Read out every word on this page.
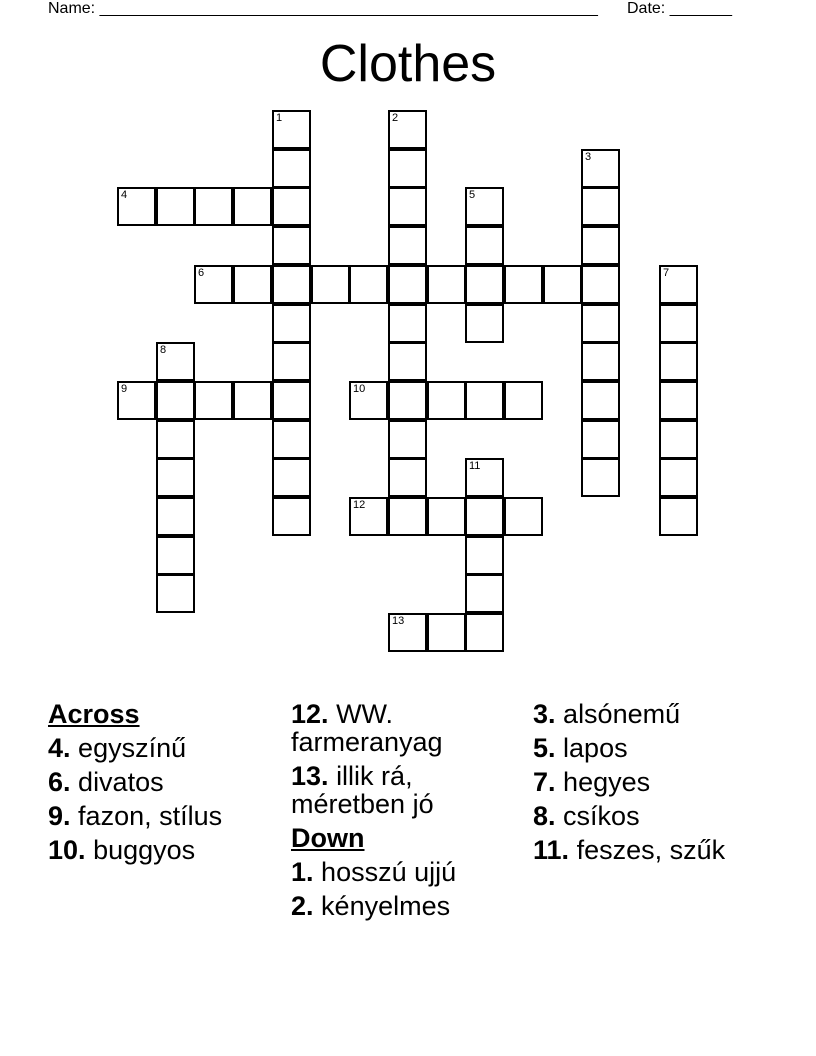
Name: ________________________________________________________ Date: _______
Clothes
1	2
3
4	5
6	7
8
9	10
11
12
13
Across
4. egyszínű
6. divatos
9. fazon, stílus
10. buggyos
12. WW. farmeranyag
13. illik rá, méretben jó
Down
1. hosszú ujjú
2. kényelmes
3. alsónemű
5. lapos
7. hegyes
8. csíkos
11. feszes, szűk
